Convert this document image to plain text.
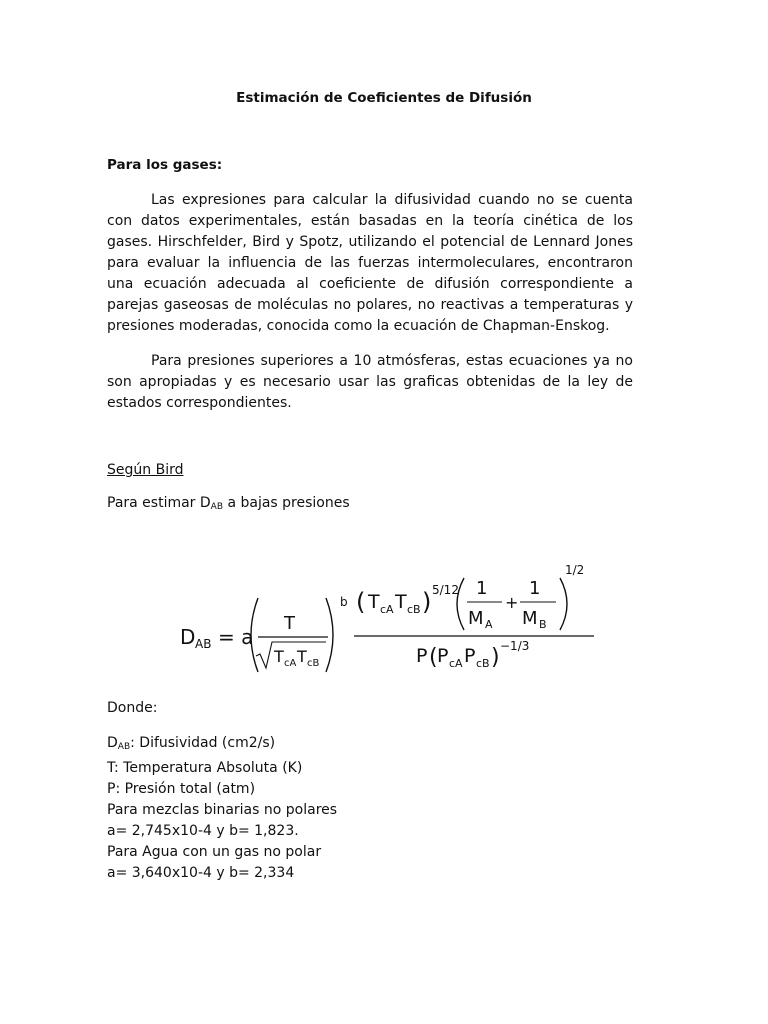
Estimación de Coeficientes de Difusión
Para los gases:
Las expresiones para calcular la difusividad cuando no se cuenta con datos experimentales, están basadas en la teoría cinética de los gases. Hirschfelder, Bird y Spotz, utilizando el potencial de Lennard Jones para evaluar la influencia de las fuerzas intermoleculares, encontraron una ecuación adecuada al coeficiente de difusión correspondiente a parejas gaseosas de moléculas no polares, no reactivas a temperaturas y presiones moderadas, conocida como la ecuación de Chapman-Enskog.
Para presiones superiores a 10 atmósferas, estas ecuaciones ya no son apropiadas y es necesario usar las graficas obtenidas de la ley de estados correspondientes.
Según Bird
Para estimar $D_{AB}$ a bajas presiones
D AB = a
T
T cA T cB
b ( T cA T cB ) 5/12 1
M A
+
1
M B
1/2
P ( P cA P cB ) −1/3
Donde:
$D_{AB}$: Difusividad (cm2/s)
T: Temperatura Absoluta (K)
P: Presión total (atm)
Para mezclas binarias no polares
a= 2,745x10-4 y b= 1,823.
Para Agua con un gas no polar
a= 3,640x10-4 y b= 2,334
